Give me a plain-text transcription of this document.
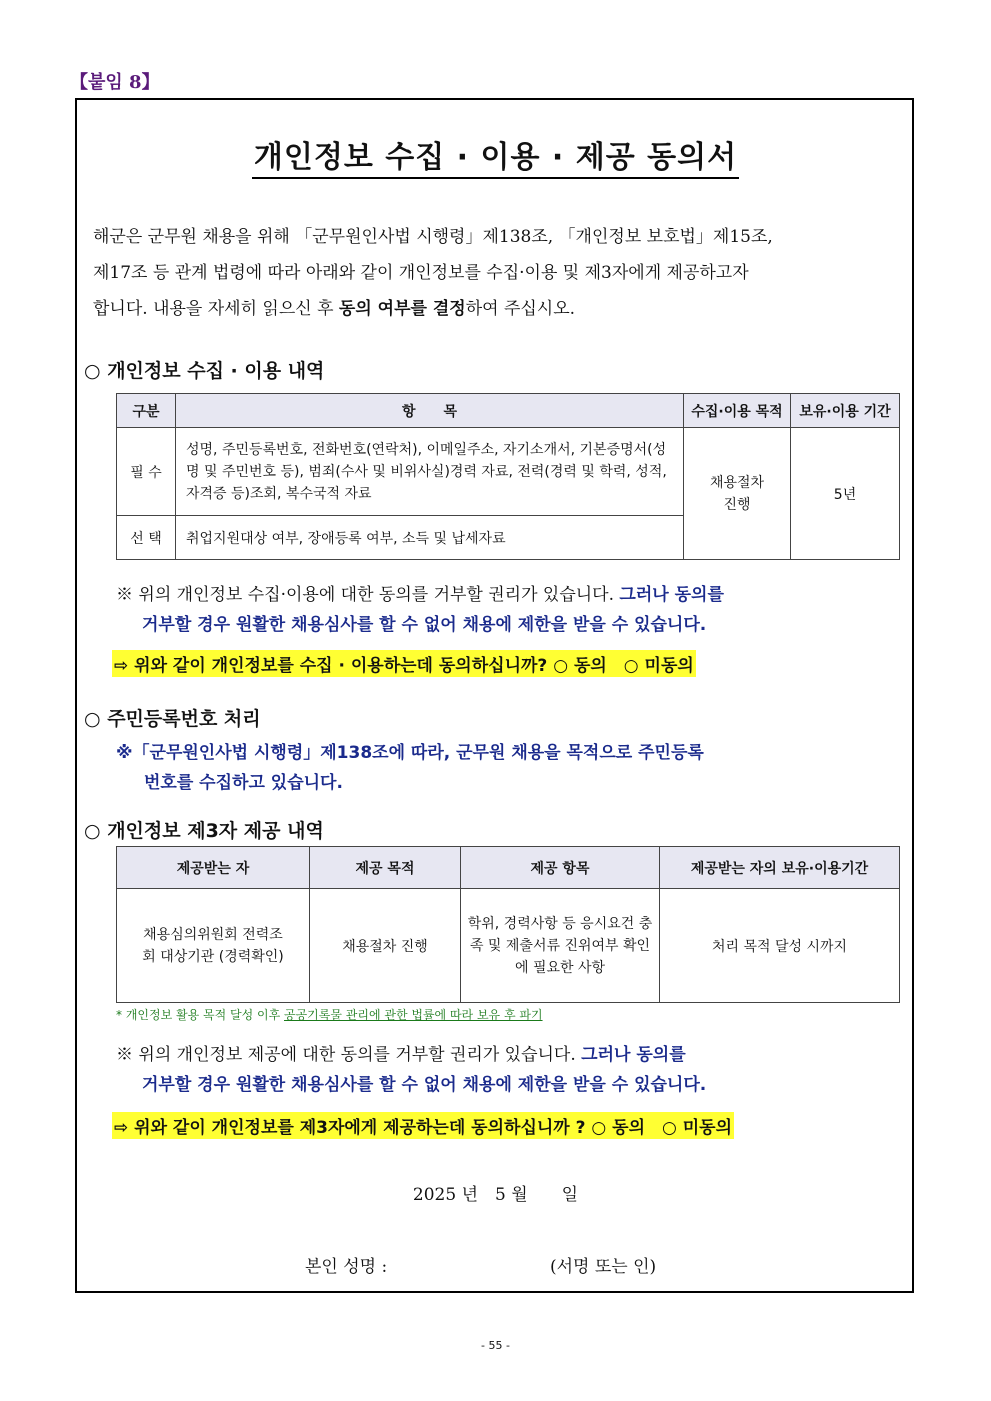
【붙임 8】
개인정보 수집 · 이용 · 제공 동의서
해군은 군무원 채용을 위해 「군무원인사법 시행령」제138조, 「개인정보 보호법」제15조,
제17조 등 관계 법령에 따라 아래와 같이 개인정보를 수집·이용 및 제3자에게 제공하고자
합니다. 내용을 자세히 읽으신 후 동의 여부를 결정하여 주십시오.
○ 개인정보 수집 · 이용 내역
구분	항　　목	수집·이용 목적	보유·이용 기간
필 수	성명, 주민등록번호, 전화번호(연락처), 이메일주소, 자기소개서, 기본증명서(성명 및 주민번호 등), 범죄(수사 및 비위사실)경력 자료, 전력(경력 및 학력, 성적, 자격증 등)조회, 복수국적 자료	채용절차 진행	5년
선 택	취업지원대상 여부, 장애등록 여부, 소득 및 납세자료		
※ 위의 개인정보 수집·이용에 대한 동의를 거부할 권리가 있습니다. 그러나 동의를
거부할 경우 원활한 채용심사를 할 수 없어 채용에 제한을 받을 수 있습니다.
⇨ 위와 같이 개인정보를 수집 · 이용하는데 동의하십니까? ○ 동의　○ 미동의
○ 주민등록번호 처리
※「군무원인사법 시행령」제138조에 따라, 군무원 채용을 목적으로 주민등록
번호를 수집하고 있습니다.
○ 개인정보 제3자 제공 내역
제공받는 자	제공 목적	제공 항목	제공받는 자의 보유·이용기간
채용심의위원회 전력조회 대상기관 (경력확인)	채용절차 진행	학위, 경력사항 등 응시요건 충족 및 제출서류 진위여부 확인에 필요한 사항	처리 목적 달성 시까지
* 개인정보 활용 목적 달성 이후 공공기록물 관리에 관한 법률에 따라 보유 후 파기
※ 위의 개인정보 제공에 대한 동의를 거부할 권리가 있습니다. 그러나 동의를
거부할 경우 원활한 채용심사를 할 수 없어 채용에 제한을 받을 수 있습니다.
⇨ 위와 같이 개인정보를 제3자에게 제공하는데 동의하십니까 ? ○ 동의　○ 미동의
2025 년　5 월　　일
본인 성명 :	(서명 또는 인)
- 55 -
